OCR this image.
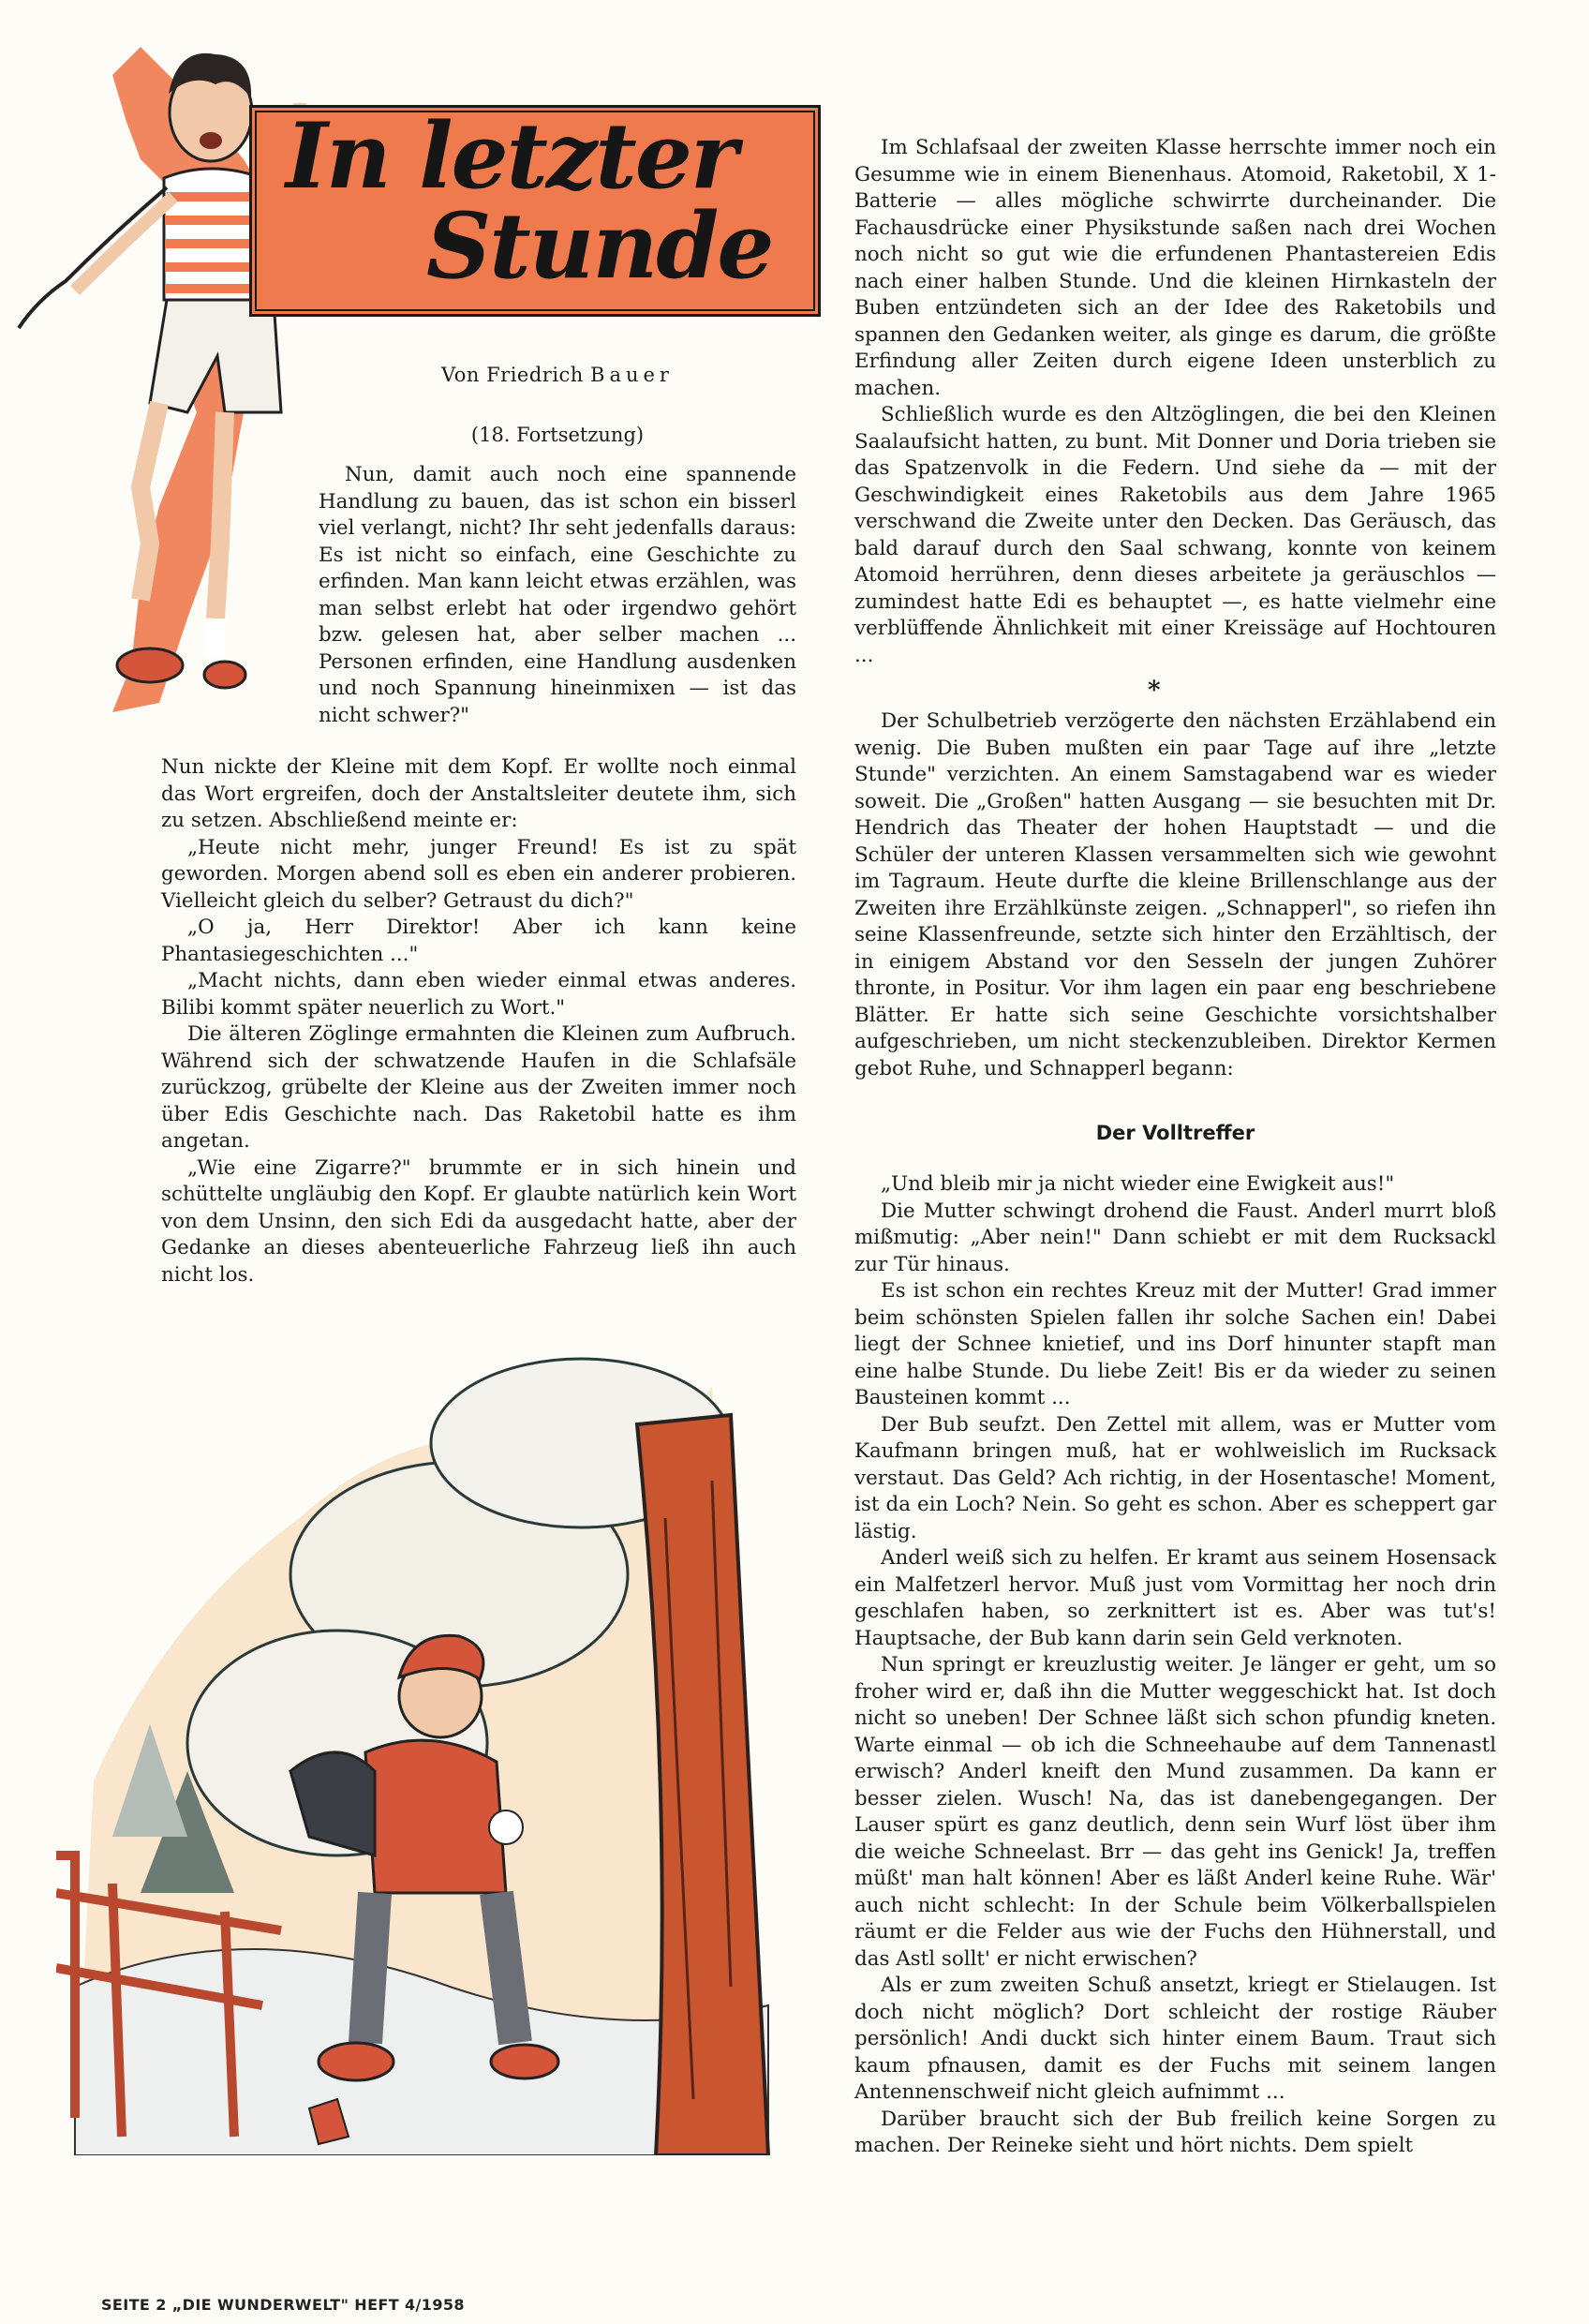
In letzter
Stunde
Von Friedrich Bauer
(18. Fortsetzung)

Nun, damit auch noch eine spannende Handlung zu bauen, das ist schon ein bisserl viel verlangt, nicht? Ihr seht jedenfalls daraus: Es ist nicht so einfach, eine Geschichte zu erfinden. Man kann leicht etwas erzählen, was man selbst erlebt hat oder irgendwo gehört bzw. gelesen hat, aber selber machen ... Personen erfinden, eine Handlung ausdenken und noch Spannung hineinmixen — ist das nicht schwer?"

Nun nickte der Kleine mit dem Kopf. Er wollte noch einmal das Wort ergreifen, doch der Anstaltsleiter deutete ihm, sich zu setzen. Abschließend meinte er:

„Heute nicht mehr, junger Freund! Es ist zu spät geworden. Morgen abend soll es eben ein anderer probieren. Vielleicht gleich du selber? Getraust du dich?"

„O ja, Herr Direktor! Aber ich kann keine Phantasiegeschichten ..."

„Macht nichts, dann eben wieder einmal etwas anderes. Bilibi kommt später neuerlich zu Wort."

Die älteren Zöglinge ermahnten die Kleinen zum Aufbruch. Während sich der schwatzende Haufen in die Schlafsäle zurückzog, grübelte der Kleine aus der Zweiten immer noch über Edis Geschichte nach. Das Raketobil hatte es ihm angetan.

„Wie eine Zigarre?" brummte er in sich hinein und schüttelte ungläubig den Kopf. Er glaubte natürlich kein Wort von dem Unsinn, den sich Edi da ausgedacht hatte, aber der Gedanke an dieses abenteuerliche Fahrzeug ließ ihn auch nicht los.

Im Schlafsaal der zweiten Klasse herrschte immer noch ein Gesumme wie in einem Bienenhaus. Atomoid, Raketobil, X 1-Batterie — alles mögliche schwirrte durcheinander. Die Fachausdrücke einer Physikstunde saßen nach drei Wochen noch nicht so gut wie die erfundenen Phantastereien Edis nach einer halben Stunde. Und die kleinen Hirnkasteln der Buben entzündeten sich an der Idee des Raketobils und spannen den Gedanken weiter, als ginge es darum, die größte Erfindung aller Zeiten durch eigene Ideen unsterblich zu machen.

Schließlich wurde es den Altzöglingen, die bei den Kleinen Saalaufsicht hatten, zu bunt. Mit Donner und Doria trieben sie das Spatzenvolk in die Federn. Und siehe da — mit der Geschwindigkeit eines Raketobils aus dem Jahre 1965 verschwand die Zweite unter den Decken. Das Geräusch, das bald darauf durch den Saal schwang, konnte von keinem Atomoid herrühren, denn dieses arbeitete ja geräuschlos — zumindest hatte Edi es behauptet —, es hatte vielmehr eine verblüffende Ähnlichkeit mit einer Kreissäge auf Hochtouren ...

*

Der Schulbetrieb verzögerte den nächsten Erzählabend ein wenig. Die Buben mußten ein paar Tage auf ihre „letzte Stunde" verzichten. An einem Samstagabend war es wieder soweit. Die „Großen" hatten Ausgang — sie besuchten mit Dr. Hendrich das Theater der hohen Hauptstadt — und die Schüler der unteren Klassen versammelten sich wie gewohnt im Tagraum. Heute durfte die kleine Brillenschlange aus der Zweiten ihre Erzählkünste zeigen. „Schnapperl", so riefen ihn seine Klassenfreunde, setzte sich hinter den Erzähltisch, der in einigem Abstand vor den Sesseln der jungen Zuhörer thronte, in Positur. Vor ihm lagen ein paar eng beschriebene Blätter. Er hatte sich seine Geschichte vorsichtshalber aufgeschrieben, um nicht steckenzubleiben. Direktor Kermen gebot Ruhe, und Schnapperl begann:

Der Volltreffer

„Und bleib mir ja nicht wieder eine Ewigkeit aus!"

Die Mutter schwingt drohend die Faust. Anderl murrt bloß mißmutig: „Aber nein!" Dann schiebt er mit dem Rucksackl zur Tür hinaus.

Es ist schon ein rechtes Kreuz mit der Mutter! Grad immer beim schönsten Spielen fallen ihr solche Sachen ein! Dabei liegt der Schnee knietief, und ins Dorf hinunter stapft man eine halbe Stunde. Du liebe Zeit! Bis er da wieder zu seinen Bausteinen kommt ...

Der Bub seufzt. Den Zettel mit allem, was er Mutter vom Kaufmann bringen muß, hat er wohlweislich im Rucksack verstaut. Das Geld? Ach richtig, in der Hosentasche! Moment, ist da ein Loch? Nein. So geht es schon. Aber es scheppert gar lästig.

Anderl weiß sich zu helfen. Er kramt aus seinem Hosensack ein Malfetzerl hervor. Muß just vom Vormittag her noch drin geschlafen haben, so zerknittert ist es. Aber was tut's! Hauptsache, der Bub kann darin sein Geld verknoten.

Nun springt er kreuzlustig weiter. Je länger er geht, um so froher wird er, daß ihn die Mutter weggeschickt hat. Ist doch nicht so uneben! Der Schnee läßt sich schon pfundig kneten. Warte einmal — ob ich die Schneehaube auf dem Tannenastl erwisch? Anderl kneift den Mund zusammen. Da kann er besser zielen. Wusch! Na, das ist danebengegangen. Der Lauser spürt es ganz deutlich, denn sein Wurf löst über ihm die weiche Schneelast. Brr — das geht ins Genick! Ja, treffen müßt' man halt können! Aber es läßt Anderl keine Ruhe. Wär' auch nicht schlecht: In der Schule beim Völkerballspielen räumt er die Felder aus wie der Fuchs den Hühnerstall, und das Astl sollt' er nicht erwischen?

Als er zum zweiten Schuß ansetzt, kriegt er Stielaugen. Ist doch nicht möglich? Dort schleicht der rostige Räuber persönlich! Andi duckt sich hinter einem Baum. Traut sich kaum pfnausen, damit es der Fuchs mit seinem langen Antennenschweif nicht gleich aufnimmt ...

Darüber braucht sich der Bub freilich keine Sorgen zu machen. Der Reineke sieht und hört nichts. Dem spielt

SEITE 2 „DIE WUNDERWELT" HEFT 4/1958
